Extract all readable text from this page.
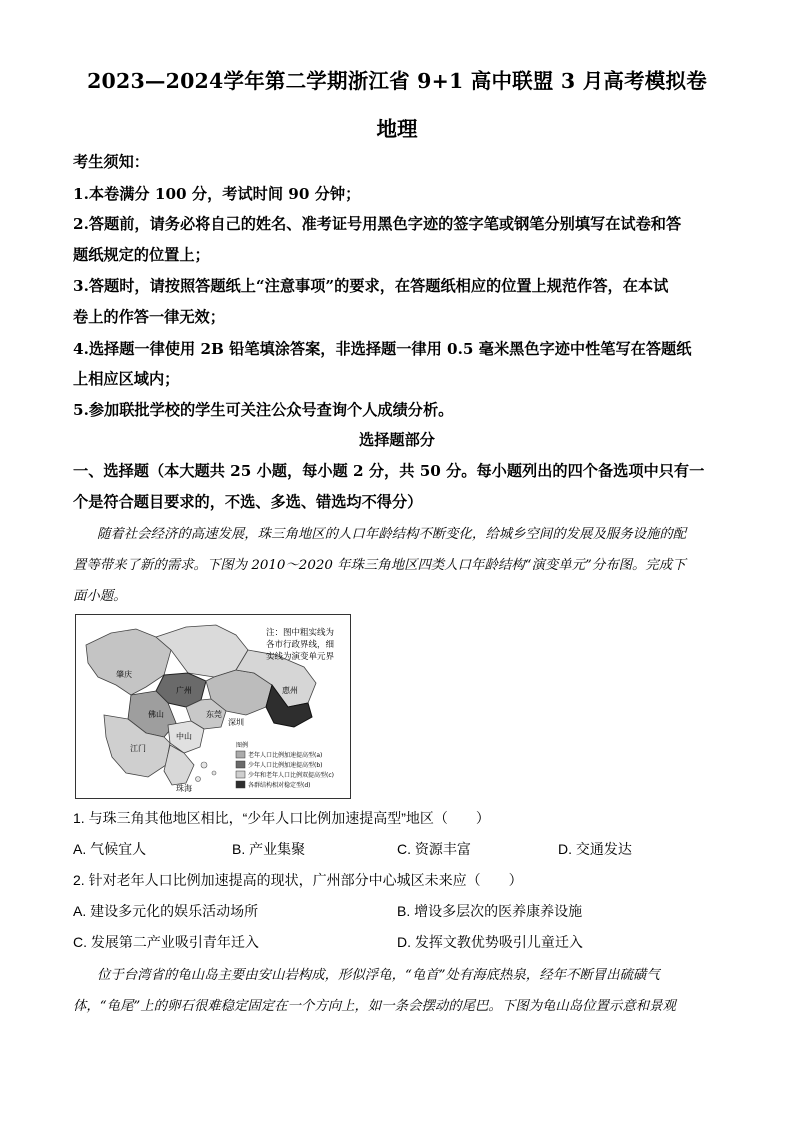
2023—2024学年第二学期浙江省 9+1 高中联盟 3 月高考模拟卷
地理
考生须知：
1.本卷满分 100 分，考试时间 90 分钟；
2.答题前，请务必将自己的姓名、准考证号用黑色字迹的签字笔或钢笔分别填写在试卷和答
题纸规定的位置上；
3.答题时，请按照答题纸上“注意事项”的要求，在答题纸相应的位置上规范作答，在本试
卷上的作答一律无效；
4.选择题一律使用 2B 铅笔填涂答案，非选择题一律用 0.5 毫米黑色字迹中性笔写在答题纸
上相应区域内；
5.参加联批学校的学生可关注公众号查询个人成绩分析。
选择题部分
一、选择题（本大题共 25 小题，每小题 2 分，共 50 分。每小题列出的四个备选项中只有一
个是符合题目要求的，不选、多选、错选均不得分）
随着社会经济的高速发展，珠三角地区的人口年龄结构不断变化，给城乡空间的发展及服务设施的配
置等带来了新的需求。下图为 2010～2020 年珠三角地区四类人口年龄结构“演变单元”分布图。完成下
面小题。
肇庆
广州
佛山	东莞
惠州
深圳
中山
江门
珠海
注：图中粗实线为
各市行政界线，细
实线为演变单元界
图例
老年人口比例加速提高型(a)
少年人口比例加速提高型(b)
少年和老年人口比例双提高型(c)
各群结构相对稳定型(d)
1. 与珠三角其他地区相比，“少年人口比例加速提高型”地区（　　）
A. 气候宜人	B. 产业集聚	C. 资源丰富	D. 交通发达
2. 针对老年人口比例加速提高的现状，广州部分中心城区未来应（　　）
A. 建设多元化的娱乐活动场所	B. 增设多层次的医养康养设施
C. 发展第二产业吸引青年迁入	D. 发挥文教优势吸引儿童迁入
位于台湾省的龟山岛主要由安山岩构成，形似浮龟，“龟首”处有海底热泉，经年不断冒出硫磺气
体，“龟尾”上的卵石很难稳定固定在一个方向上，如一条会摆动的尾巴。下图为龟山岛位置示意和景观
